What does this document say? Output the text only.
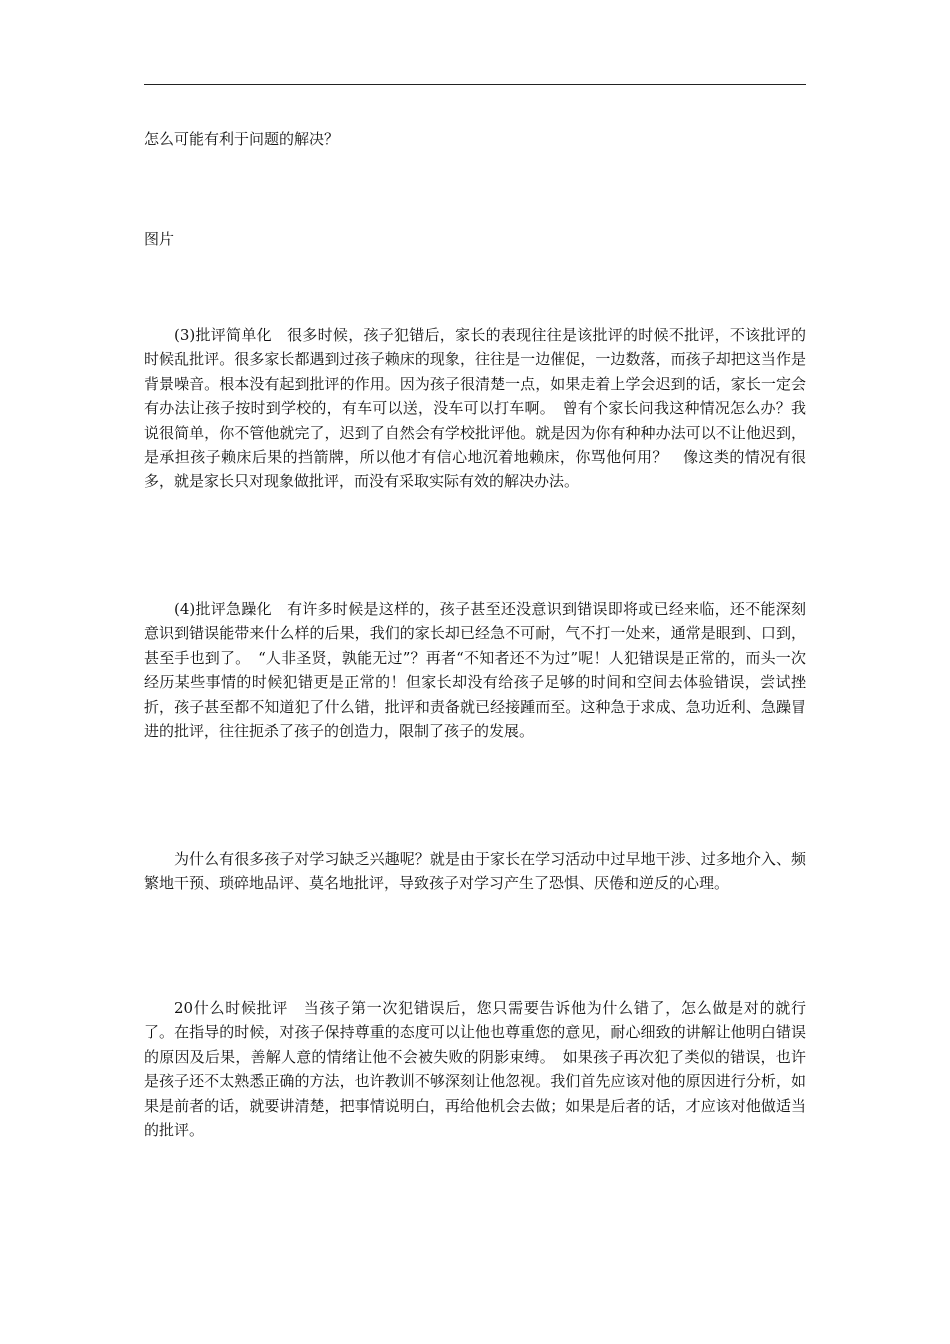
怎么可能有利于问题的解决？

图片

(3)批评简单化　很多时候，孩子犯错后，家长的表现往往是该批评的时候不批评，不该批评的时候乱批评。很多家长都遇到过孩子赖床的现象，往往是一边催促，一边数落，而孩子却把这当作是背景噪音。根本没有起到批评的作用。因为孩子很清楚一点，如果走着上学会迟到的话，家长一定会有办法让孩子按时到学校的，有车可以送，没车可以打车啊。　曾有个家长问我这种情况怎么办？我说很简单，你不管他就完了，迟到了自然会有学校批评他。就是因为你有种种办法可以不让他迟到，是承担孩子赖床后果的挡箭牌，所以他才有信心地沉着地赖床，你骂他何用？　像这类的情况有很多，就是家长只对现象做批评，而没有采取实际有效的解决办法。

(4)批评急躁化　有许多时候是这样的，孩子甚至还没意识到错误即将或已经来临，还不能深刻意识到错误能带来什么样的后果，我们的家长却已经急不可耐，气不打一处来，通常是眼到、口到，甚至手也到了。　“人非圣贤，孰能无过”？再者“不知者还不为过”呢！人犯错误是正常的，而头一次经历某些事情的时候犯错更是正常的！但家长却没有给孩子足够的时间和空间去体验错误，尝试挫折，孩子甚至都不知道犯了什么错，批评和责备就已经接踵而至。这种急于求成、急功近利、急躁冒进的批评，往往扼杀了孩子的创造力，限制了孩子的发展。

为什么有很多孩子对学习缺乏兴趣呢？就是由于家长在学习活动中过早地干涉、过多地介入、频繁地干预、琐碎地品评、莫名地批评，导致孩子对学习产生了恐惧、厌倦和逆反的心理。

20什么时候批评　当孩子第一次犯错误后，您只需要告诉他为什么错了，怎么做是对的就行了。在指导的时候，对孩子保持尊重的态度可以让他也尊重您的意见，耐心细致的讲解让他明白错误的原因及后果，善解人意的情绪让他不会被失败的阴影束缚。　如果孩子再次犯了类似的错误，也许是孩子还不太熟悉正确的方法，也许教训不够深刻让他忽视。我们首先应该对他的原因进行分析，如果是前者的话，就要讲清楚，把事情说明白，再给他机会去做；如果是后者的话，才应该对他做适当的批评。
